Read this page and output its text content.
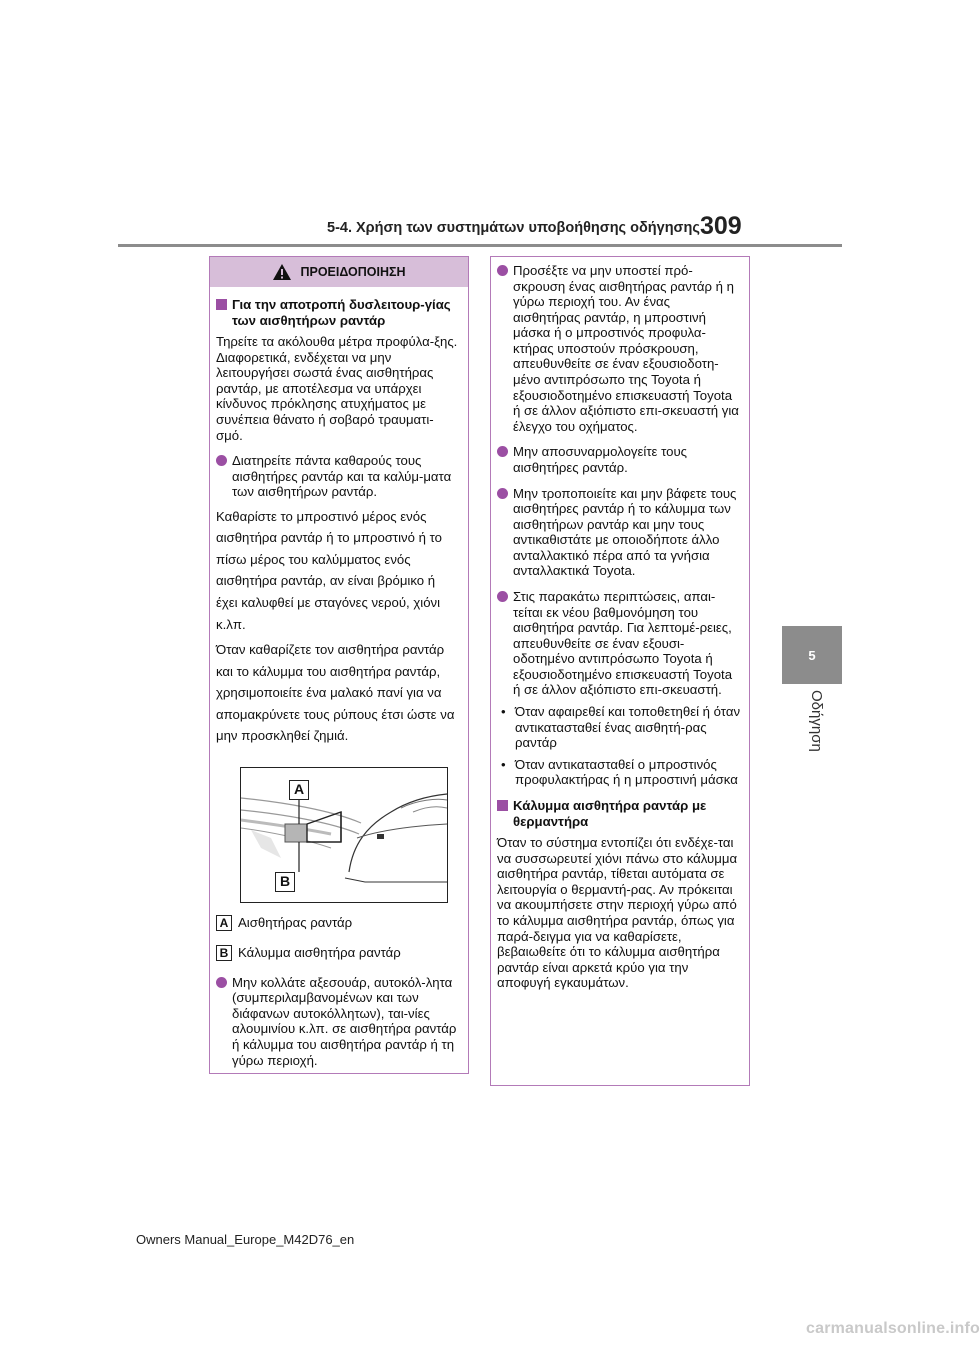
5-4. Χρήση των συστημάτων υποβοήθησης οδήγησης 309
5
Οδήγηση
ΠΡΟΕΙΔΟΠΟΙΗΣΗ
Για την αποτροπή δυσλειτουρ-γίας των αισθητήρων ραντάρ

Τηρείτε τα ακόλουθα μέτρα προφύλα-ξης. Διαφορετικά, ενδέχεται να μην λειτουργήσει σωστά ένας αισθητήρας ραντάρ, με αποτέλεσμα να υπάρχει κίνδυνος πρόκλησης ατυχήματος με συνέπεια θάνατο ή σοβαρό τραυματι-σμό.

Διατηρείτε πάντα καθαρούς τους αισθητήρες ραντάρ και τα καλύμ-ματα των αισθητήρων ραντάρ.

Καθαρίστε το μπροστινό μέρος ενός αισθητήρα ραντάρ ή το μπροστινό ή το πίσω μέρος του καλύμματος ενός αισθητήρα ραντάρ, αν είναι βρόμικο ή έχει καλυφθεί με σταγόνες νερού, χιόνι κ.λπ.

Όταν καθαρίζετε τον αισθητήρα ραντάρ και το κάλυμμα του αισθητήρα ραντάρ, χρησιμοποιείτε ένα μαλακό πανί για να απομακρύνετε τους ρύπους έτσι ώστε να μην προσκληθεί ζημιά.

A
B
A Αισθητήρας ραντάρ
B Κάλυμμα αισθητήρα ραντάρ
Μην κολλάτε αξεσουάρ, αυτοκόλ-λητα (συμπεριλαμβανομένων και των διάφανων αυτοκόλλητων), ται-νίες αλουμινίου κ.λπ. σε αισθητήρα ραντάρ ή κάλυμμα του αισθητήρα ραντάρ ή τη γύρω περιοχή.
Προσέξτε να μην υποστεί πρό-σκρουση ένας αισθητήρας ραντάρ ή η γύρω περιοχή του. Αν ένας αισθητήρας ραντάρ, η μπροστινή μάσκα ή ο μπροστινός προφυλα-κτήρας υποστούν πρόσκρουση, απευθυνθείτε σε έναν εξουσιοδοτη-μένο αντιπρόσωπο της Toyota ή εξουσιοδοτημένο επισκευαστή Toyota ή σε άλλον αξιόπιστο επι-σκευαστή για έλεγχο του οχήματος.
Μην αποσυναρμολογείτε τους αισθητήρες ραντάρ.
Μην τροποποιείτε και μην βάφετε τους αισθητήρες ραντάρ ή το κάλυμμα των αισθητήρων ραντάρ και μην τους αντικαθιστάτε με οποιοδήποτε άλλο ανταλλακτικό πέρα από τα γνήσια ανταλλακτικά Toyota.
Στις παρακάτω περιπτώσεις, απαι-τείται εκ νέου βαθμονόμηση του αισθητήρα ραντάρ. Για λεπτομέ-ρειες, απευθυνθείτε σε έναν εξουσι-οδοτημένο αντιπρόσωπο Toyota ή εξουσιοδοτημένο επισκευαστή Toyota ή σε άλλον αξιόπιστο επι-σκευαστή.
• Όταν αφαιρεθεί και τοποθετηθεί ή όταν αντικατασταθεί ένας αισθητή-ρας ραντάρ
• Όταν αντικατασταθεί ο μπροστινός προφυλακτήρας ή η μπροστινή μάσκα
Κάλυμμα αισθητήρα ραντάρ με θερμαντήρα

Όταν το σύστημα εντοπίζει ότι ενδέχε-ται να συσσωρευτεί χιόνι πάνω στο κάλυμμα αισθητήρα ραντάρ, τίθεται αυτόματα σε λειτουργία ο θερμαντή-ρας. Αν πρόκειται να ακουμπήσετε στην περιοχή γύρω από το κάλυμμα αισθητήρα ραντάρ, όπως για παρά-δειγμα για να καθαρίσετε, βεβαιωθείτε ότι το κάλυμμα αισθητήρα ραντάρ είναι αρκετά κρύο για την αποφυγή εγκαυμάτων.

Owners Manual_Europe_M42D76_en
carmanualsonline.info
